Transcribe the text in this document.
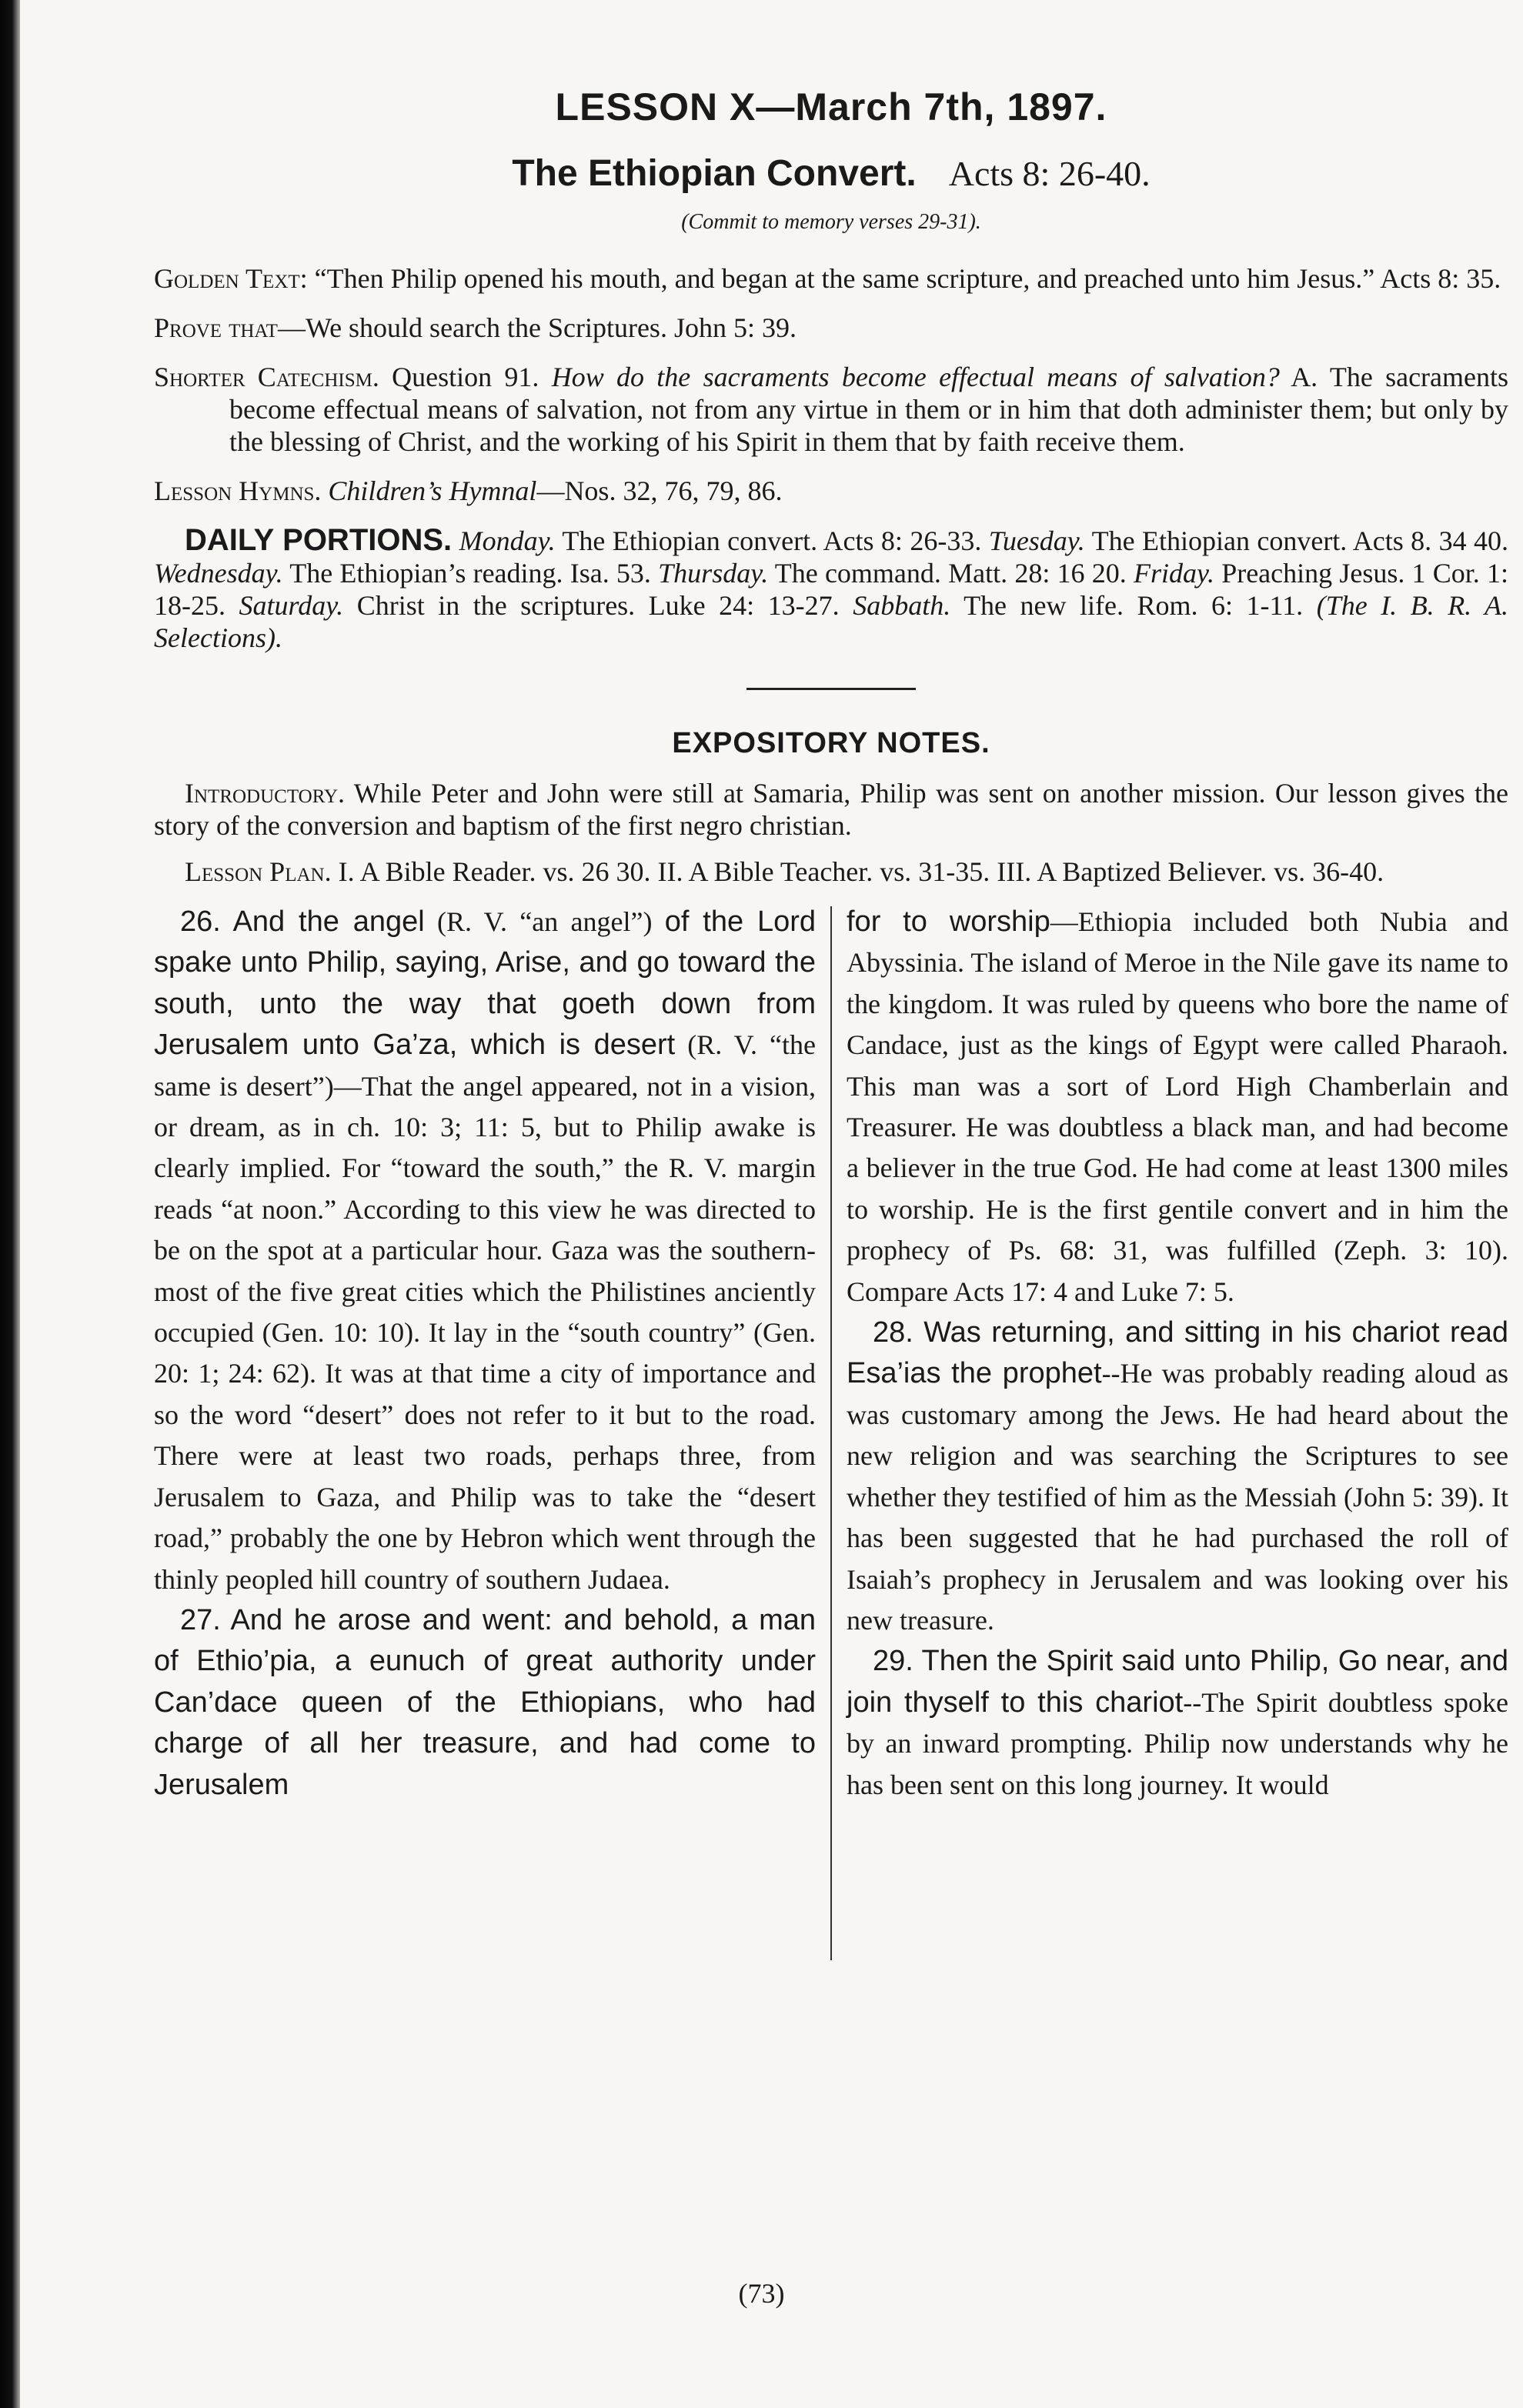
LESSON X—March 7th, 1897.
The Ethiopian Convert. Acts 8: 26-40.
(Commit to memory verses 29-31).

Golden Text: “Then Philip opened his mouth, and began at the same scripture, and preached unto him Jesus.” Acts 8: 35.

Prove that—We should search the Scriptures. John 5: 39.

Shorter Catechism. Question 91. How do the sacraments become effectual means of salvation? A. The sacraments become effectual means of salvation, not from any virtue in them or in him that doth administer them; but only by the blessing of Christ, and the working of his Spirit in them that by faith receive them.

Lesson Hymns. Children’s Hymnal—Nos. 32, 76, 79, 86.

DAILY PORTIONS. Monday. The Ethiopian convert. Acts 8: 26-33. Tuesday. The Ethiopian convert. Acts 8. 34 40. Wednesday. The Ethiopian’s reading. Isa. 53. Thursday. The command. Matt. 28: 16 20. Friday. Preaching Jesus. 1 Cor. 1: 18-25. Saturday. Christ in the scriptures. Luke 24: 13-27. Sabbath. The new life. Rom. 6: 1-11. (The I. B. R. A. Selections).

EXPOSITORY NOTES.

Introductory. While Peter and John were still at Samaria, Philip was sent on another mission. Our lesson gives the story of the conversion and baptism of the first negro christian.

Lesson Plan. I. A Bible Reader. vs. 26 30. II. A Bible Teacher. vs. 31-35. III. A Baptized Believer. vs. 36-40.

26. And the angel (R. V. “an angel”) of the Lord spake unto Philip, saying, Arise, and go toward the south, unto the way that goeth down from Jerusalem unto Ga’za, which is desert (R. V. “the same is desert”)—That the angel appeared, not in a vision, or dream, as in ch. 10: 3; 11: 5, but to Philip awake is clearly implied. For “toward the south,” the R. V. margin reads “at noon.” According to this view he was directed to be on the spot at a particular hour. Gaza was the southern-most of the five great cities which the Philistines anciently occupied (Gen. 10: 10). It lay in the “south country” (Gen. 20: 1; 24: 62). It was at that time a city of importance and so the word “desert” does not refer to it but to the road. There were at least two roads, perhaps three, from Jerusalem to Gaza, and Philip was to take the “desert road,” probably the one by Hebron which went through the thinly peopled hill country of southern Judaea.

27. And he arose and went: and behold, a man of Ethio’pia, a eunuch of great authority under Can’dace queen of the Ethiopians, who had charge of all her treasure, and had come to Jerusalem

for to worship—Ethiopia included both Nubia and Abyssinia. The island of Meroe in the Nile gave its name to the kingdom. It was ruled by queens who bore the name of Candace, just as the kings of Egypt were called Pharaoh. This man was a sort of Lord High Chamberlain and Treasurer. He was doubtless a black man, and had become a believer in the true God. He had come at least 1300 miles to worship. He is the first gentile convert and in him the prophecy of Ps. 68: 31, was fulfilled (Zeph. 3: 10). Compare Acts 17: 4 and Luke 7: 5.

28. Was returning, and sitting in his chariot read Esa’ias the prophet--He was probably reading aloud as was customary among the Jews. He had heard about the new religion and was searching the Scriptures to see whether they testified of him as the Messiah (John 5: 39). It has been suggested that he had purchased the roll of Isaiah’s prophecy in Jerusalem and was looking over his new treasure.

29. Then the Spirit said unto Philip, Go near, and join thyself to this chariot--The Spirit doubtless spoke by an inward prompting. Philip now understands why he has been sent on this long journey. It would

(73)
